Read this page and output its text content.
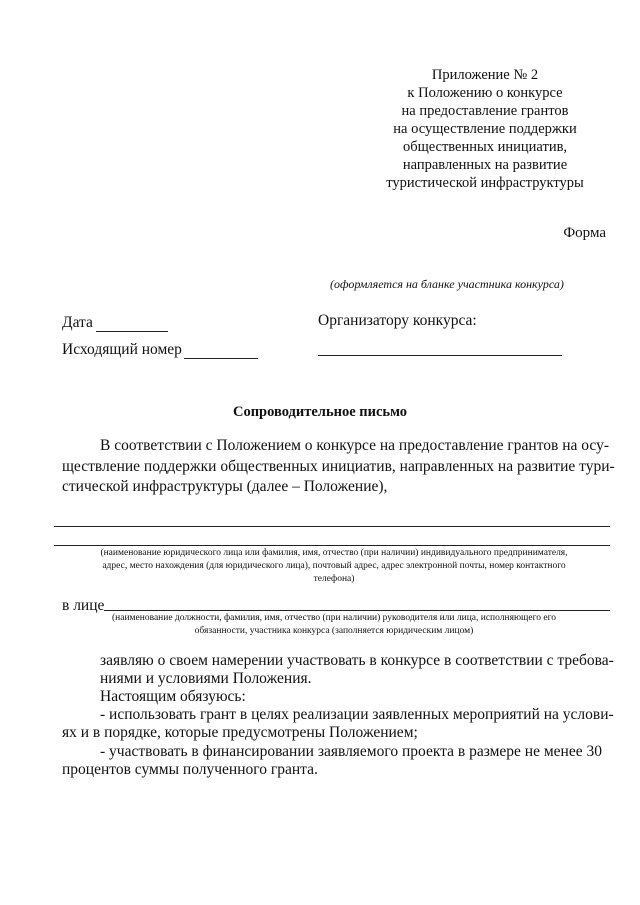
Приложение № 2
к Положению о конкурсе
на предоставление грантов
на осуществление поддержки
общественных инициатив,
направленных на развитие
туристической инфраструктуры
Форма
(оформляется на бланке участника конкурса)
Дата
Исходящий номер
Организатору конкурса:
Сопроводительное письмо
В соответствии с Положением о конкурсе на предоставление грантов на осу-
ществление поддержки общественных инициатив, направленных на развитие тури-
стической инфраструктуры (далее – Положение),
(наименование юридического лица или фамилия, имя, отчество (при наличии) индивидуального предпринимателя,
адрес, место нахождения (для юридического лица), почтовый адрес, адрес электронной почты, номер контактного
телефона)
в лице
(наименование должности, фамилия, имя, отчество (при наличии) руководителя или лица, исполняющего его
обязанности, участника конкурса (заполняется юридическим лицом)
заявляю о своем намерении участвовать в конкурсе в соответствии с требова-
ниями и условиями Положения.
Настоящим обязуюсь:
- использовать грант в целях реализации заявленных мероприятий на услови-
ях и в порядке, которые предусмотрены Положением;
- участвовать в финансировании заявляемого проекта в размере не менее 30
процентов суммы полученного гранта.
